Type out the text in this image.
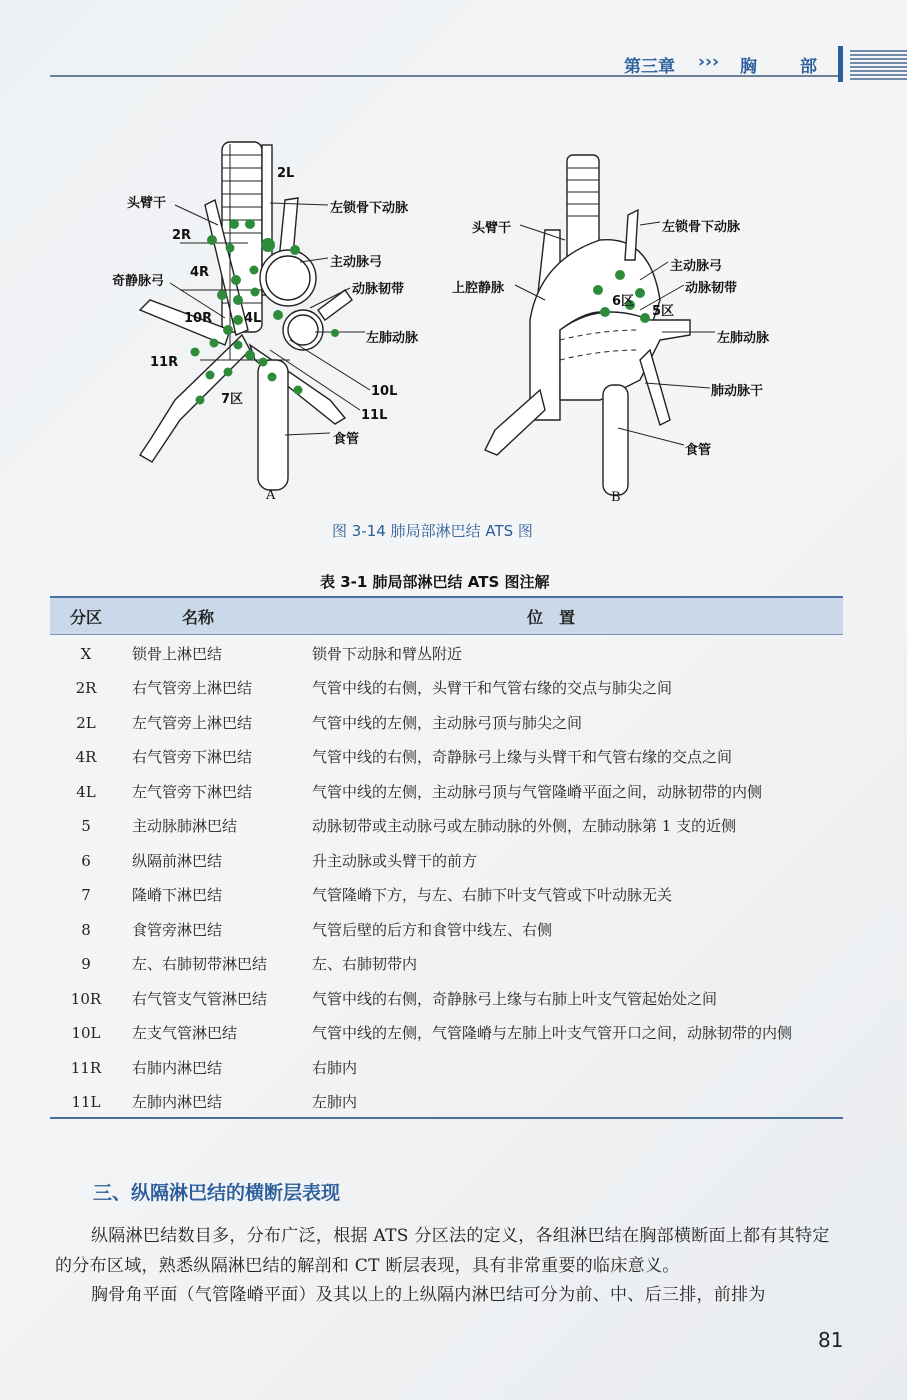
第三章 ››› 胸	部
2L
头臂干	左锁骨下动脉
2R
主动脉弓
4R
奇静脉弓
动脉韧带
10R 4L
左肺动脉
11R
7区
10L
11L
食管
A
头臂干	左锁骨下动脉
主动脉弓
上腔静脉	动脉韧带
6区
5区
左肺动脉
肺动脉干
食管
B
图 3-14 肺局部淋巴结 ATS 图
表 3-1 肺局部淋巴结 ATS 图注解
分区	名称	位　置
X	锁骨上淋巴结	锁骨下动脉和臂丛附近
2R	右气管旁上淋巴结	气管中线的右侧，头臂干和气管右缘的交点与肺尖之间
2L	左气管旁上淋巴结	气管中线的左侧，主动脉弓顶与肺尖之间
4R	右气管旁下淋巴结	气管中线的右侧，奇静脉弓上缘与头臂干和气管右缘的交点之间
4L	左气管旁下淋巴结	气管中线的左侧，主动脉弓顶与气管隆嵴平面之间，动脉韧带的内侧
5	主动脉肺淋巴结	动脉韧带或主动脉弓或左肺动脉的外侧，左肺动脉第 1 支的近侧
6	纵隔前淋巴结	升主动脉或头臂干的前方
7	隆嵴下淋巴结	气管隆嵴下方，与左、右肺下叶支气管或下叶动脉无关
8	食管旁淋巴结	气管后壁的后方和食管中线左、右侧
9	左、右肺韧带淋巴结	左、右肺韧带内
10R	右气管支气管淋巴结	气管中线的右侧，奇静脉弓上缘与右肺上叶支气管起始处之间
10L	左支气管淋巴结	气管中线的左侧，气管隆嵴与左肺上叶支气管开口之间，动脉韧带的内侧
11R	右肺内淋巴结	右肺内
11L	左肺内淋巴结	左肺内
三、纵隔淋巴结的横断层表现
纵隔淋巴结数目多，分布广泛，根据 ATS 分区法的定义，各组淋巴结在胸部横断面上都有其特定的分布区域，熟悉纵隔淋巴结的解剖和 CT 断层表现，具有非常重要的临床意义。
胸骨角平面（气管隆嵴平面）及其以上的上纵隔内淋巴结可分为前、中、后三排，前排为
81
